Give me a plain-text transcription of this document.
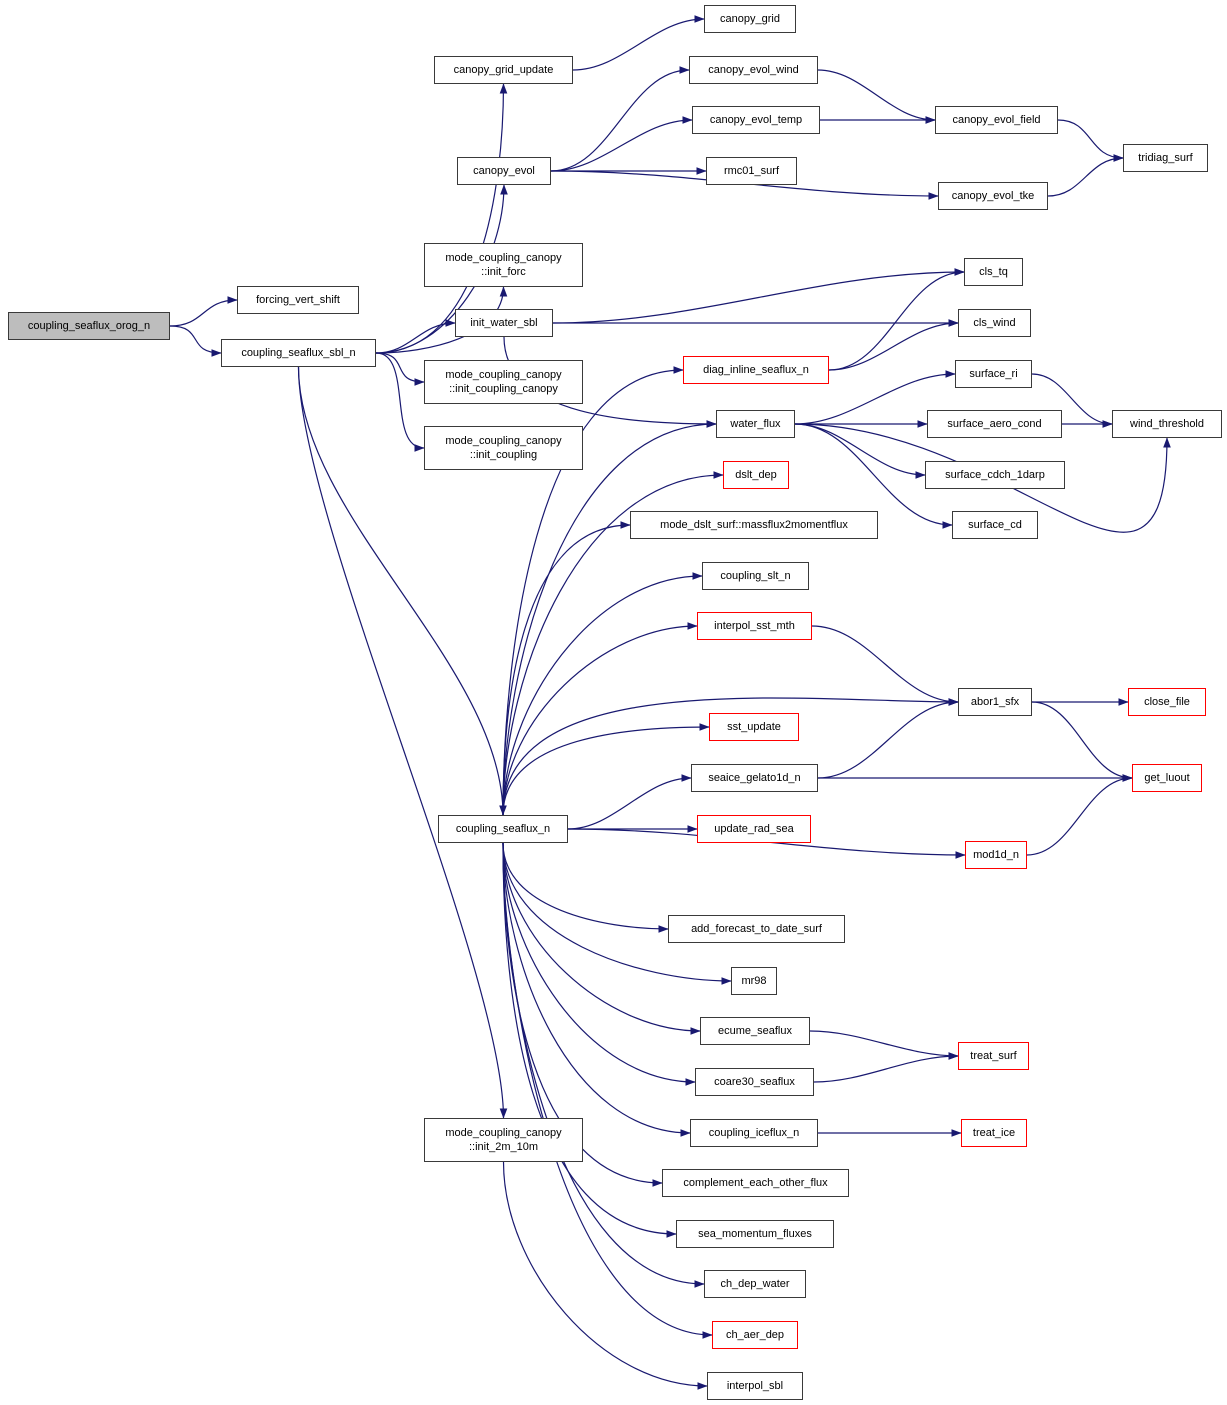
coupling_seaflux_orog_n
forcing_vert_shift
coupling_seaflux_sbl_n
canopy_grid_update
canopy_evol
mode_coupling_canopy
::init_forc
init_water_sbl
mode_coupling_canopy
::init_coupling_canopy
mode_coupling_canopy
::init_coupling
coupling_seaflux_n
mode_coupling_canopy
::init_2m_10m
canopy_grid
canopy_evol_wind
canopy_evol_temp
rmc01_surf
canopy_evol_field
canopy_evol_tke
tridiag_surf
cls_tq
cls_wind
diag_inline_seaflux_n
water_flux
surface_ri
surface_aero_cond	wind_threshold
surface_cdch_1darp
surface_cd
dslt_dep
mode_dslt_surf::massflux2momentflux
coupling_slt_n
interpol_sst_mth
abor1_sfx	close_file
get_luout
sst_update
seaice_gelato1d_n
update_rad_sea
mod1d_n
add_forecast_to_date_surf
mr98
ecume_seaflux
coare30_seaflux
treat_surf
coupling_iceflux_n	treat_ice
complement_each_other_flux
sea_momentum_fluxes
ch_dep_water
ch_aer_dep
interpol_sbl
